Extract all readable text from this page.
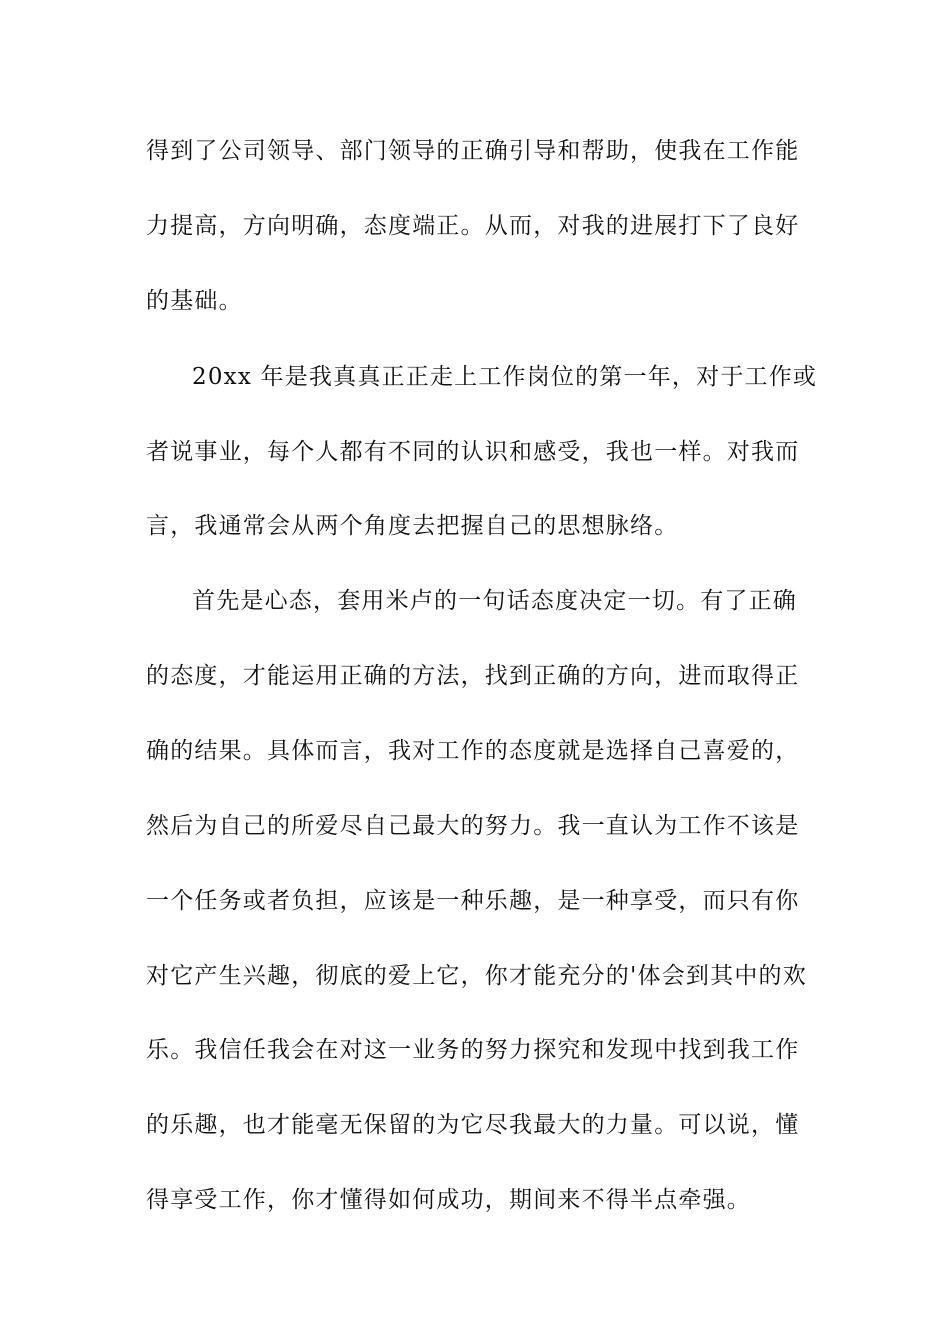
得到了公司领导、部门领导的正确引导和帮助，使我在工作能
力提高，方向明确，态度端正。从而，对我的进展打下了良好
的基础。
20xx 年是我真真正正走上工作岗位的第一年，对于工作或
者说事业，每个人都有不同的认识和感受，我也一样。对我而
言，我通常会从两个角度去把握自己的思想脉络。
首先是心态，套用米卢的一句话态度决定一切。有了正确
的态度，才能运用正确的方法，找到正确的方向，进而取得正
确的结果。具体而言，我对工作的态度就是选择自己喜爱的，
然后为自己的所爱尽自己最大的努力。我一直认为工作不该是
一个任务或者负担，应该是一种乐趣，是一种享受，而只有你
对它产生兴趣，彻底的爱上它，你才能充分的'体会到其中的欢
乐。我信任我会在对这一业务的努力探究和发现中找到我工作
的乐趣，也才能毫无保留的为它尽我最大的力量。可以说，懂
得享受工作，你才懂得如何成功，期间来不得半点牵强。
